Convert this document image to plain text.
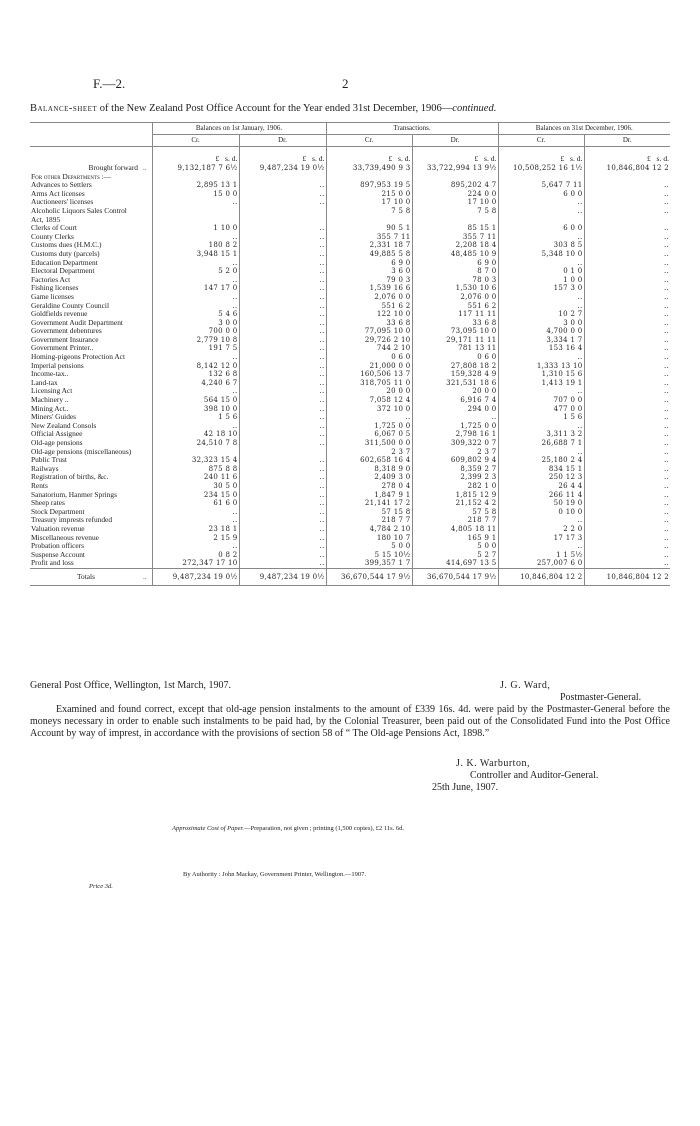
F.—2.	2
Balance-sheet of the New Zealand Post Office Account for the Year ended 31st December, 1906—continued.
		Balances on 1st January, 1906.		Transactions.		Balances on 31st December, 1906.	
		Cr.	Dr.	Cr.	Dr.	Cr.	Dr.
		£ s. d.	£ s. d.	£ s. d.	£ s. d.	£ s. d.	£ s. d.
Brought forward	..	9,132,187 7 6½	9,487,234 19 0½	33,739,490 9 3	33,722,994 13 9½	10,508,252 16 1½	10,846,804 12 2
For other Departments :—							
Advances to Settlers		2,895 13 1	..	897,953 19 5	895,202 4 7	5,647 7 11	..
Arms Act licenses		15 0 0	..	215 0 0	224 0 0	6 0 0	..
Auctioneers' licenses		..	..	17 10 0	17 10 0	..	..
Alcoholic Liquors Sales Control				7 5 8	7 5 8	..	..
Act, 1895							
Clerks of Court		1 10 0	..	90 5 1	85 15 1	6 0 0	..
County Clerks		..	..	355 7 11	355 7 11	..	..
Customs dues (H.M.C.)		180 8 2	..	2,331 18 7	2,208 18 4	303 8 5	..
Customs duty (parcels)		3,948 15 1	..	49,885 5 8	48,485 10 9	5,348 10 0	..
Education Department		..	..	6 9 0	6 9 0	..	..
Electoral Department		5 2 0	..	3 6 0	8 7 0	0 1 0	..
Factories Act		..	..	79 0 3	78 0 3	1 0 0	..
Fishing licenses		147 17 0	..	1,539 16 6	1,530 10 6	157 3 0	..
Game licenses		..	..	2,076 0 0	2,076 0 0	..	..
Geraldine County Council		..	..	551 6 2	551 6 2	..	..
Goldfields revenue		5 4 6	..	122 10 0	117 11 11	10 2 7	..
Government Audit Department		3 0 0	..	33 6 8	33 6 8	3 0 0	..
Government debentures		700 0 0	..	77,095 10 0	73,095 10 0	4,700 0 0	..
Government Insurance		2,779 10 8	..	29,726 2 10	29,171 11 11	3,334 1 7	..
Government Printer..		191 7 5	..	744 2 10	781 13 11	153 16 4	..
Homing-pigeons Protection Act		..	..	0 6 0	0 6 0	..	..
Imperial pensions		8,142 12 0	..	21,000 0 0	27,808 18 2	1,333 13 10	..
Income-tax..		132 6 8	..	160,506 13 7	159,328 4 9	1,310 15 6	..
Land-tax		4,240 6 7	..	318,705 11 0	321,531 18 6	1,413 19 1	..
Licensing Act		..	..	20 0 0	20 0 0	..	..
Machinery ..		564 15 0	..	7,058 12 4	6,916 7 4	707 0 0	..
Mining Act..		398 10 0	..	372 10 0	294 0 0	477 0 0	..
Miners' Guides		1 5 6	..	..	..	1 5 6	..
New Zealand Consols		..	..	1,725 0 0	1,725 0 0	..	..
Official Assignee		42 18 10	..	6,067 0 5	2,798 16 1	3,311 3 2	..
Old-age pensions		24,510 7 8	..	311,500 0 0	309,322 0 7	26,688 7 1	..
Old-age pensions (miscellaneous)				2 3 7	2 3 7	..	..
Public Trust		32,323 15 4	..	602,658 16 4	609,802 9 4	25,180 2 4	..
Railways		875 8 8	..	8,318 9 0	8,359 2 7	834 15 1	..
Registration of births, &c.		240 11 6	..	2,409 3 0	2,399 2 3	250 12 3	..
Rents		30 5 0	..	278 0 4	282 1 0	26 4 4	..
Sanatorium, Hanmer Springs		234 15 0	..	1,847 9 1	1,815 12 9	266 11 4	..
Sheep rates		61 6 0	..	21,141 17 2	21,152 4 2	50 19 0	..
Stock Department		..	..	57 15 8	57 5 8	0 10 0	..
Treasury imprests refunded		..	..	218 7 7	218 7 7	..	..
Valuation revenue		23 18 1	..	4,784 2 10	4,805 18 11	2 2 0	..
Miscellaneous revenue		2 15 9	..	180 10 7	165 9 1	17 17 3	..
Probation officers		..	..	5 0 0	5 0 0	..	..
Suspense Account		0 8 2	..	5 15 10½	5 2 7	1 1 5½	..
Profit and loss		272,347 17 10	..	399,357 1 7	414,697 13 5	257,007 6 0	..
Totals	..	9,487,234 19 0½	9,487,234 19 0½	36,670,544 17 9½	36,670,544 17 9½	10,846,804 12 2	10,846,804 12 2

General Post Office, Wellington, 1st March, 1907.	J. G. Ward,
Postmaster-General.
Examined and found correct, except that old-age pension instalments to the amount of £339 16s. 4d. were paid by the Postmaster-General before the moneys necessary in order to enable such instalments to be paid had, by the Colonial Treasurer, been paid out of the Consolidated Fund into the Post Office Account by way of imprest, in accordance with the provisions of section 58 of “ The Old-age Pensions Act, 1898.”
J. K. Warburton,
Controller and Auditor-General.
25th June, 1907.
Approximate Cost of Paper.—Preparation, not given ; printing (1,500 copies), £2 11s. 6d.
By Authority : John Mackay, Government Printer, Wellington.—1907.
Price 3d.
